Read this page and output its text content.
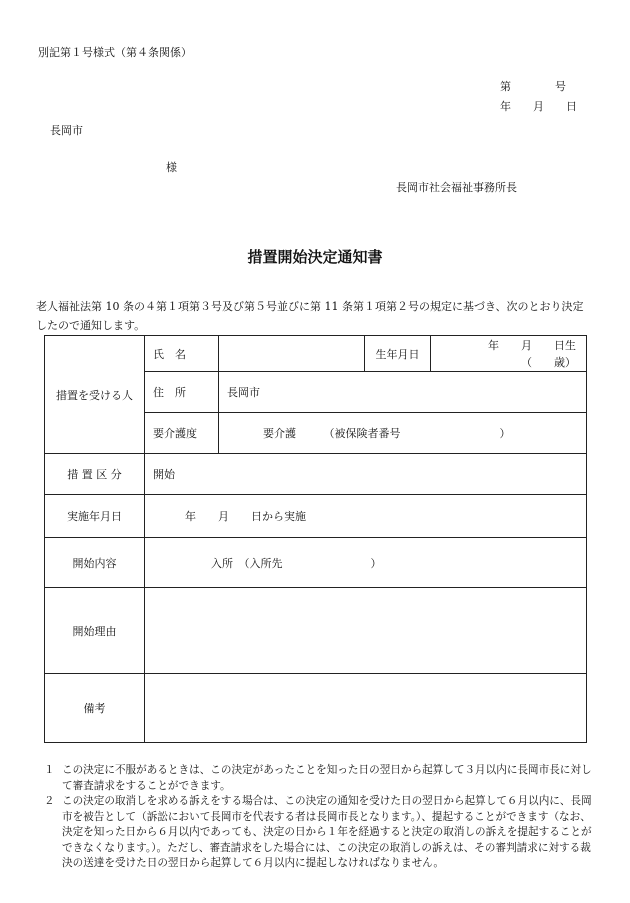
別記第１号様式（第４条関係）
第　　　　号
年　　月　　日
長岡市
様
長岡市社会福祉事務所長
措置開始決定通知書
老人福祉法第 10 条の４第１項第３号及び第５号並びに第 11 条第１項第２号の規定に基づき、次のとおり決定したので通知します。
措置を受ける人	氏　名		生年月日	年　　月　　日生
（　　歳）

	住　所	長岡市		
	要介護度	要介護　　　（被保険者番号　　　　　　　　　）		
措 置 区 分	開始			
実施年月日	年　　月　　日から実施			
開始内容	入所　（入所先　　　　　　　　）			
開始理由				
備考				
１ この決定に不服があるときは、この決定があったことを知った日の翌日から起算して３月以内に長岡市長に対して審査請求をすることができます。
２ この決定の取消しを求める訴えをする場合は、この決定の通知を受けた日の翌日から起算して６月以内に、長岡市を被告として（訴訟において長岡市を代表する者は長岡市長となります。）、提起することができます（なお、決定を知った日から６月以内であっても、決定の日から１年を経過すると決定の取消しの訴えを提起することができなくなります。）。ただし、審査請求をした場合には、この決定の取消しの訴えは、その審判請求に対する裁決の送達を受けた日の翌日から起算して６月以内に提起しなければなりません。
